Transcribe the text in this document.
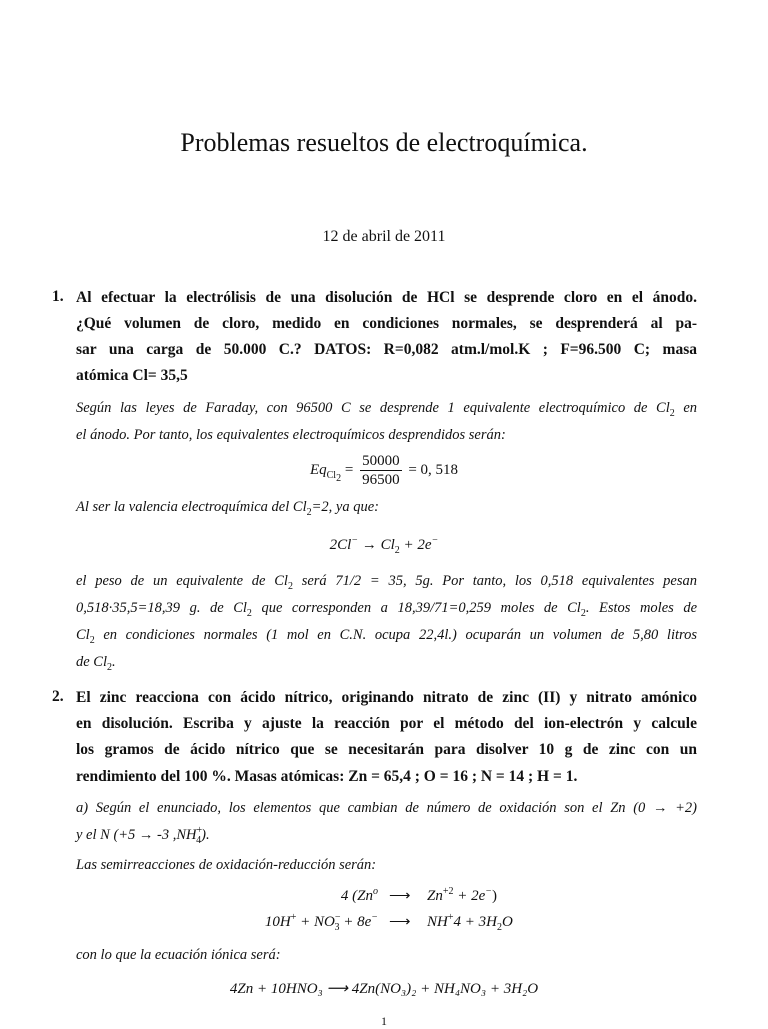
Problemas resueltos de electroquímica.
12 de abril de 2011
1. Al efectuar la electrólisis de una disolución de HCl se desprende cloro en el ánodo.
¿Qué volumen de cloro, medido en condiciones normales, se desprenderá al pa-
sar una carga de 50.000 C.? DATOS: R=0,082 atm.l/mol.K ; F=96.500 C; masa
atómica Cl= 35,5
Según las leyes de Faraday, con 96500 C se desprende 1 equivalente electroquímico de $Cl_2$ en
el ánodo. Por tanto, los equivalentes electroquímicos desprendidos serán:
$Eq_{Cl_2} = \frac{50000}{96500} = 0$, 518
Al ser la valencia electroquímica del $Cl_2=2$, ya que:
$2Cl^- \to Cl_2 + 2e^-$
el peso de un equivalente de $Cl_2$ será 71/2 = 35, 5g. Por tanto, los 0,518 equivalentes pesan
0,518·35,5=18,39 g. de $Cl_2$ que corresponden a 18,39/71=0,259 moles de $Cl_2$. Estos moles de
$Cl_2$ en condiciones normales (1 mol en C.N. ocupa 22,4l.) ocuparán un volumen de 5,80 litros
de $Cl_2$.
2. El zinc reacciona con ácido nítrico, originando nitrato de zinc (II) y nitrato amónico
en disolución. Escriba y ajuste la reacción por el método del ion-electrón y calcule
los gramos de ácido nítrico que se necesitarán para disolver 10 g de zinc con un
rendimiento del 100 %. Masas atómicas: Zn = 65,4 ; O = 16 ; N = 14 ; H = 1.
a) Según el enunciado, los elementos que cambian de número de oxidación son el Zn (0 → +2)
y el N (+5 → -3 $,NH^+_4$).
Las semirreacciones de oxidación-reducción serán:
4 (Zn$^o$ ⟶ $Zn^{+2} + 2e^-$)
$10H^+ + NO^-_3 + 8e^-$ ⟶ $NH^+4 + 3H_2O$
con lo que la ecuación iónica será:
4Zn + 10HNO₃ ⟶ 4Zn(NO₃)₂ + NH₄NO₃ + 3H₂O
1
